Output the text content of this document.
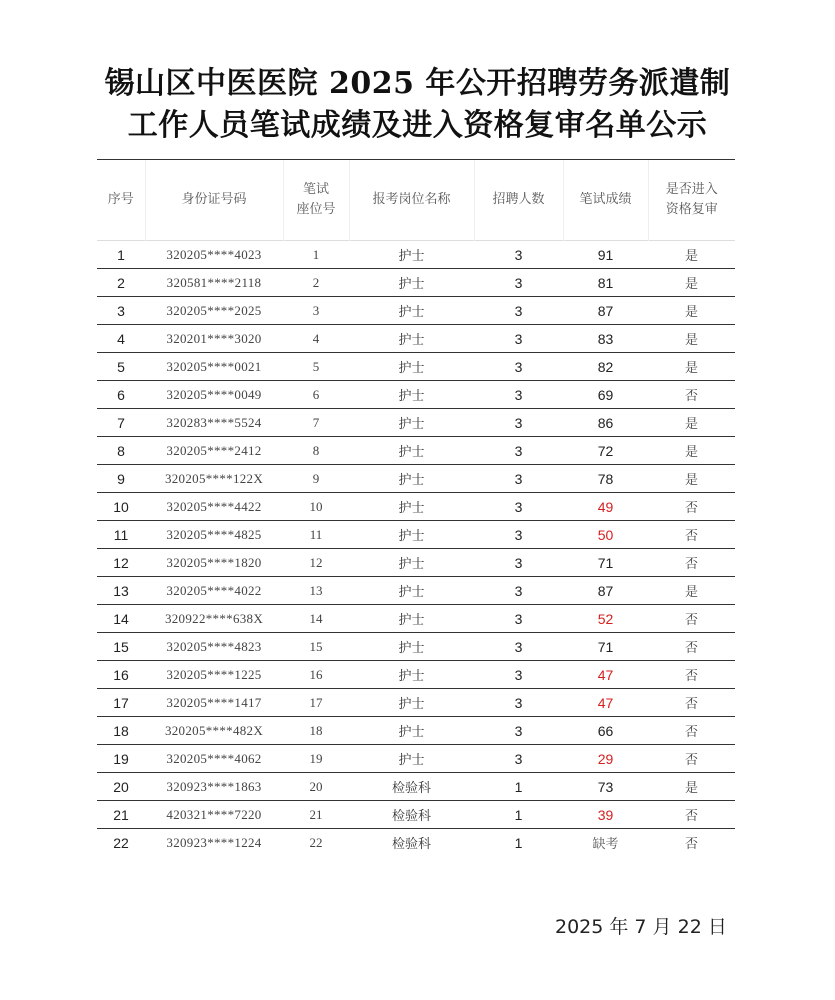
锡山区中医医院 2025 年公开招聘劳务派遣制
工作人员笔试成绩及进入资格复审名单公示
序号	身份证号码	笔试
座位号	报考岗位名称	招聘人数	笔试成绩	是否进入
资格复审
1	320205****4023	1	护士	3	91	是
2	320581****2118	2	护士	3	81	是
3	320205****2025	3	护士	3	87	是
4	320201****3020	4	护士	3	83	是
5	320205****0021	5	护士	3	82	是
6	320205****0049	6	护士	3	69	否
7	320283****5524	7	护士	3	86	是
8	320205****2412	8	护士	3	72	是
9	320205****122X	9	护士	3	78	是
10	320205****4422	10	护士	3	49	否
11	320205****4825	11	护士	3	50	否
12	320205****1820	12	护士	3	71	否
13	320205****4022	13	护士	3	87	是
14	320922****638X	14	护士	3	52	否
15	320205****4823	15	护士	3	71	否
16	320205****1225	16	护士	3	47	否
17	320205****1417	17	护士	3	47	否
18	320205****482X	18	护士	3	66	否
19	320205****4062	19	护士	3	29	否
20	320923****1863	20	检验科	1	73	是
21	420321****7220	21	检验科	1	39	否
22	320923****1224	22	检验科	1	缺考	否
2025 年 7 月 22 日
